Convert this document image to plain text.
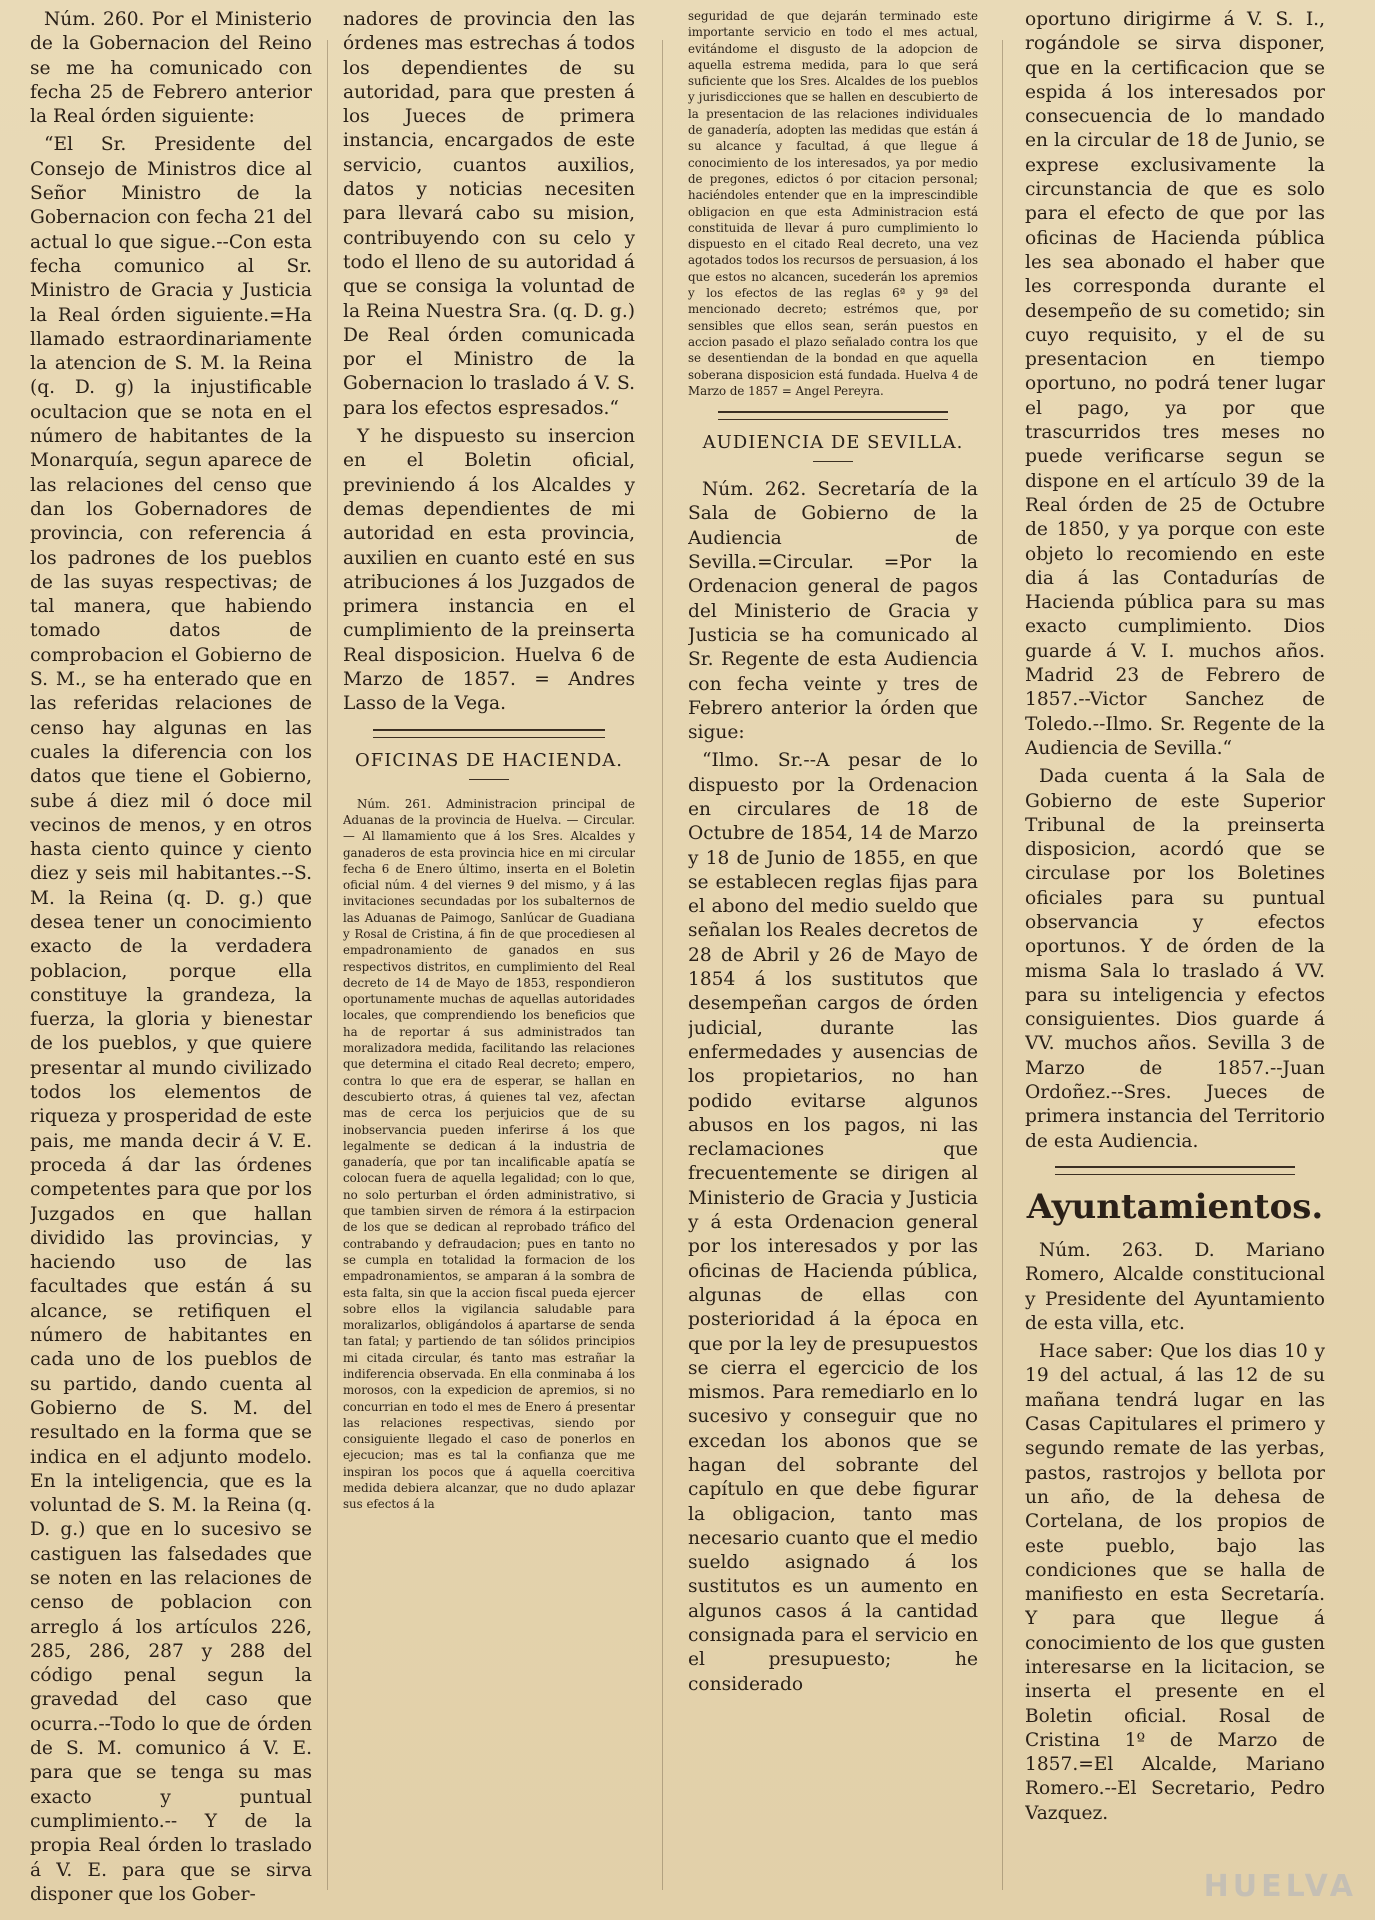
Núm. 260. Por el Ministerio de la Gobernacion del Reino se me ha comunicado con fecha 25 de Febrero anterior la Real órden siguiente:

“El Sr. Presidente del Consejo de Ministros dice al Señor Ministro de la Gobernacion con fecha 21 del actual lo que sigue.--Con esta fecha comunico al Sr. Ministro de Gracia y Justicia la Real órden siguiente.=Ha llamado estraordinariamente la atencion de S. M. la Reina (q. D. g) la injustificable ocultacion que se nota en el número de habitantes de la Monarquía, segun aparece de las relaciones del censo que dan los Gobernadores de provincia, con referencia á los padrones de los pueblos de las suyas respectivas; de tal manera, que habiendo tomado datos de comprobacion el Gobierno de S. M., se ha enterado que en las referidas relaciones de censo hay algunas en las cuales la diferencia con los datos que tiene el Gobierno, sube á diez mil ó doce mil vecinos de menos, y en otros hasta ciento quince y ciento diez y seis mil habitantes.--S. M. la Reina (q. D. g.) que desea tener un conocimiento exacto de la verdadera poblacion, porque ella constituye la grandeza, la fuerza, la gloria y bienestar de los pueblos, y que quiere presentar al mundo civilizado todos los elementos de riqueza y prosperidad de este pais, me manda decir á V. E. proceda á dar las órdenes competentes para que por los Juzgados en que hallan dividido las provincias, y haciendo uso de las facultades que están á su alcance, se retifiquen el número de habitantes en cada uno de los pueblos de su partido, dando cuenta al Gobierno de S. M. del resultado en la forma que se indica en el adjunto modelo. En la inteligencia, que es la voluntad de S. M. la Reina (q. D. g.) que en lo sucesivo se castiguen las falsedades que se noten en las relaciones de censo de poblacion con arreglo á los artículos 226, 285, 286, 287 y 288 del código penal segun la gravedad del caso que ocurra.--Todo lo que de órden de S. M. comunico á V. E. para que se tenga su mas exacto y puntual cumplimiento.-- Y de la propia Real órden lo traslado á V. E. para que se sirva disponer que los Gober-

nadores de provincia den las órdenes mas estrechas á todos los dependientes de su autoridad, para que presten á los Jueces de primera instancia, encargados de este servicio, cuantos auxilios, datos y noticias necesiten para llevará cabo su mision, contribuyendo con su celo y todo el lleno de su autoridad á que se consiga la voluntad de la Reina Nuestra Sra. (q. D. g.) De Real órden comunicada por el Ministro de la Gobernacion lo traslado á V. S. para los efectos espresados.“

Y he dispuesto su insercion en el Boletin oficial, previniendo á los Alcaldes y demas dependientes de mi autoridad en esta provincia, auxilien en cuanto esté en sus atribuciones á los Juzgados de primera instancia en el cumplimiento de la preinserta Real disposicion. Huelva 6 de Marzo de 1857. = Andres Lasso de la Vega.

OFICINAS DE HACIENDA.

Núm. 261. Administracion principal de Aduanas de la provincia de Huelva. — Circular. — Al llamamiento que á los Sres. Alcaldes y ganaderos de esta provincia hice en mi circular fecha 6 de Enero último, inserta en el Boletin oficial núm. 4 del viernes 9 del mismo, y á las invitaciones secundadas por los subalternos de las Aduanas de Paimogo, Sanlúcar de Guadiana y Rosal de Cristina, á fin de que procediesen al empadronamiento de ganados en sus respectivos distritos, en cumplimiento del Real decreto de 14 de Mayo de 1853, respondieron oportunamente muchas de aquellas autoridades locales, que comprendiendo los beneficios que ha de reportar á sus administrados tan moralizadora medida, facilitando las relaciones que determina el citado Real decreto; empero, contra lo que era de esperar, se hallan en descubierto otras, á quienes tal vez, afectan mas de cerca los perjuicios que de su inobservancia pueden inferirse á los que legalmente se dedican á la industria de ganadería, que por tan incalificable apatía se colocan fuera de aquella legalidad; con lo que, no solo perturban el órden administrativo, si que tambien sirven de rémora á la estirpacion de los que se dedican al reprobado tráfico del contrabando y defraudacion; pues en tanto no se cumpla en totalidad la formacion de los empadronamientos, se amparan á la sombra de esta falta, sin que la accion fiscal pueda ejercer sobre ellos la vigilancia saludable para moralizarlos, obligándolos á apartarse de senda tan fatal; y partiendo de tan sólidos principios mi citada circular, és tanto mas estrañar la indiferencia observada. En ella conminaba á los morosos, con la expedicion de apremios, si no concurrian en todo el mes de Enero á presentar las relaciones respectivas, siendo por consiguiente llegado el caso de ponerlos en ejecucion; mas es tal la confianza que me inspiran los pocos que á aquella coercitiva medida debiera alcanzar, que no dudo aplazar sus efectos á la

seguridad de que dejarán terminado este importante servicio en todo el mes actual, evitándome el disgusto de la adopcion de aquella estrema medida, para lo que será suficiente que los Sres. Alcaldes de los pueblos y jurisdicciones que se hallen en descubierto de la presentacion de las relaciones individuales de ganadería, adopten las medidas que están á su alcance y facultad, á que llegue á conocimiento de los interesados, ya por medio de pregones, edictos ó por citacion personal; haciéndoles entender que en la imprescindible obligacion en que esta Administracion está constituida de llevar á puro cumplimiento lo dispuesto en el citado Real decreto, una vez agotados todos los recursos de persuasion, á los que estos no alcancen, sucederán los apremios y los efectos de las reglas 6ª y 9ª del mencionado decreto; estrémos que, por sensibles que ellos sean, serán puestos en accion pasado el plazo señalado contra los que se desentiendan de la bondad en que aquella soberana disposicion está fundada. Huelva 4 de Marzo de 1857 = Angel Pereyra.

AUDIENCIA DE SEVILLA.

Núm. 262. Secretaría de la Sala de Gobierno de la Audiencia de Sevilla.=Circular. =Por la Ordenacion general de pagos del Ministerio de Gracia y Justicia se ha comunicado al Sr. Regente de esta Audiencia con fecha veinte y tres de Febrero anterior la órden que sigue:

“Ilmo. Sr.--A pesar de lo dispuesto por la Ordenacion en circulares de 18 de Octubre de 1854, 14 de Marzo y 18 de Junio de 1855, en que se establecen reglas fijas para el abono del medio sueldo que señalan los Reales decretos de 28 de Abril y 26 de Mayo de 1854 á los sustitutos que desempeñan cargos de órden judicial, durante las enfermedades y ausencias de los propietarios, no han podido evitarse algunos abusos en los pagos, ni las reclamaciones que frecuentemente se dirigen al Ministerio de Gracia y Justicia y á esta Ordenacion general por los interesados y por las oficinas de Hacienda pública, algunas de ellas con posterioridad á la época en que por la ley de presupuestos se cierra el egercicio de los mismos. Para remediarlo en lo sucesivo y conseguir que no excedan los abonos que se hagan del sobrante del capítulo en que debe figurar la obligacion, tanto mas necesario cuanto que el medio sueldo asignado á los sustitutos es un aumento en algunos casos á la cantidad consignada para el servicio en el presupuesto; he considerado

oportuno dirigirme á V. S. I., rogándole se sirva disponer, que en la certificacion que se espida á los interesados por consecuencia de lo mandado en la circular de 18 de Junio, se exprese exclusivamente la circunstancia de que es solo para el efecto de que por las oficinas de Hacienda pública les sea abonado el haber que les corresponda durante el desempeño de su cometido; sin cuyo requisito, y el de su presentacion en tiempo oportuno, no podrá tener lugar el pago, ya por que trascurridos tres meses no puede verificarse segun se dispone en el artículo 39 de la Real órden de 25 de Octubre de 1850, y ya porque con este objeto lo recomiendo en este dia á las Contadurías de Hacienda pública para su mas exacto cumplimiento. Dios guarde á V. I. muchos años. Madrid 23 de Febrero de 1857.--Victor Sanchez de Toledo.--Ilmo. Sr. Regente de la Audiencia de Sevilla.“

Dada cuenta á la Sala de Gobierno de este Superior Tribunal de la preinserta disposicion, acordó que se circulase por los Boletines oficiales para su puntual observancia y efectos oportunos. Y de órden de la misma Sala lo traslado á VV. para su inteligencia y efectos consiguientes. Dios guarde á VV. muchos años. Sevilla 3 de Marzo de 1857.--Juan Ordoñez.--Sres. Jueces de primera instancia del Territorio de esta Audiencia.

Ayuntamientos.

Núm. 263. D. Mariano Romero, Alcalde constitucional y Presidente del Ayuntamiento de esta villa, etc.

Hace saber: Que los dias 10 y 19 del actual, á las 12 de su mañana tendrá lugar en las Casas Capitulares el primero y segundo remate de las yerbas, pastos, rastrojos y bellota por un año, de la dehesa de Cortelana, de los propios de este pueblo, bajo las condiciones que se halla de manifiesto en esta Secretaría. Y para que llegue á conocimiento de los que gusten interesarse en la licitacion, se inserta el presente en el Boletin oficial. Rosal de Cristina 1º de Marzo de 1857.=El Alcalde, Mariano Romero.--El Secretario, Pedro Vazquez.

HUELVA
